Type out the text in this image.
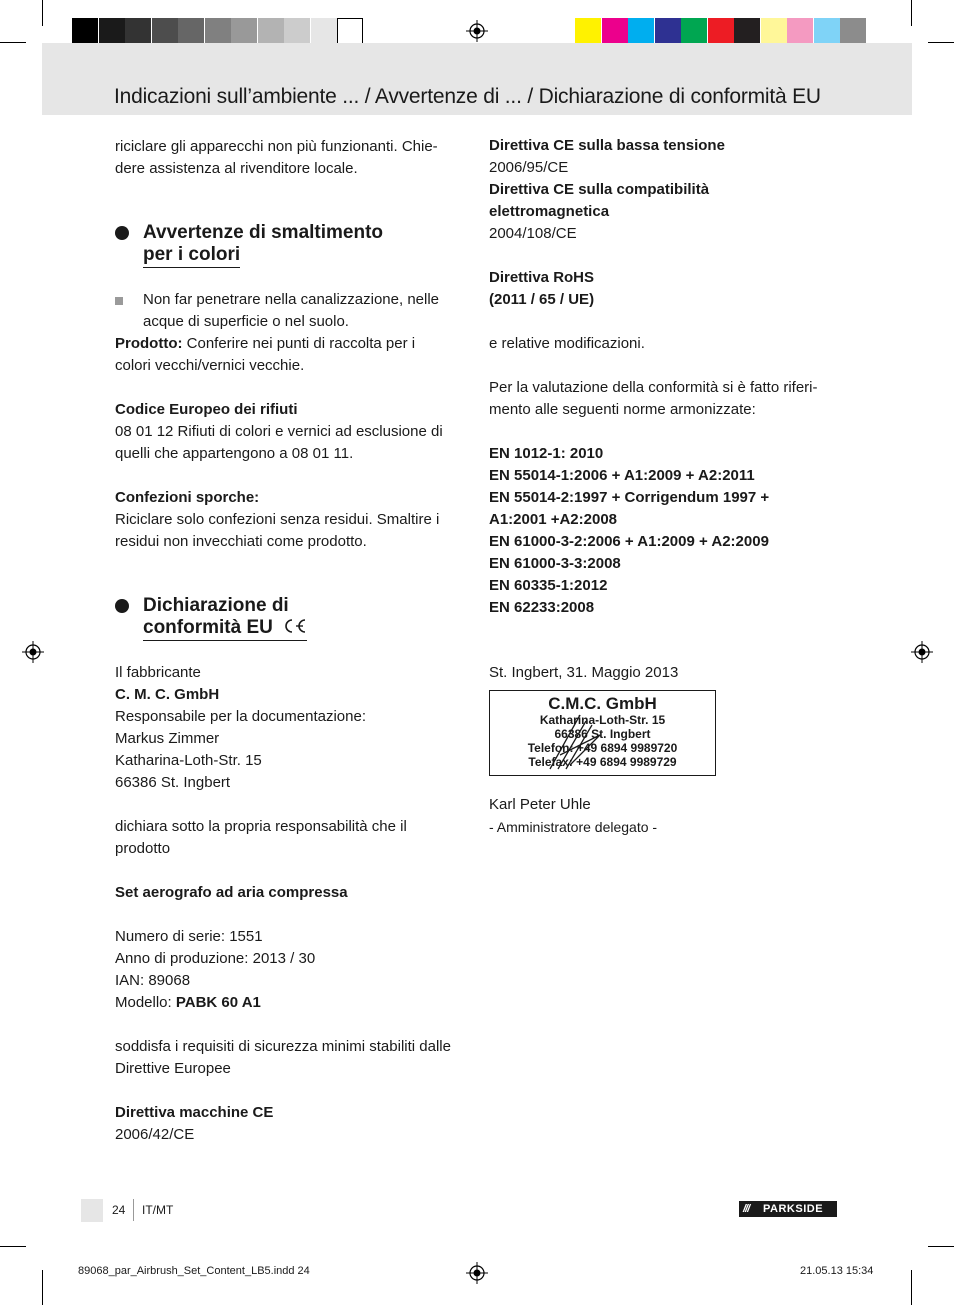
Indicazioni sull’ambiente ... / Avvertenze di ... / Dichiarazione di conformità EU

riciclare gli apparecchi non più funzionanti. Chie-

dere assistenza al rivenditore locale.

Avvertenze di smaltimento
per i colori

Non far penetrare nella canalizzazione, nelle

acque di superficie o nel suolo.

Prodotto: Conferire nei punti di raccolta per i

colori vecchi/vernici vecchie.

Codice Europeo dei rifiuti

08 01 12 Rifiuti di colori e vernici ad esclusione di

quelli che appartengono a 08 01 11.

Confezioni sporche:

Riciclare solo confezioni senza residui. Smaltire i

residui non invecchiati come prodotto.

Dichiarazione di
conformità EU

Il fabbricante

C. M. C. GmbH

Responsabile per la documentazione:

Markus Zimmer

Katharina-Loth-Str. 15

66386 St. Ingbert

dichiara sotto la propria responsabilità che il

prodotto

Set aerografo ad aria compressa

Numero di serie: 1551

Anno di produzione: 2013 / 30

IAN: 89068

Modello: PABK 60 A1

soddisfa i requisiti di sicurezza minimi stabiliti dalle

Direttive Europee

Direttiva macchine CE

2006/42/CE

Direttiva CE sulla bassa tensione

2006/95/CE

Direttiva CE sulla compatibilità

elettromagnetica

2004/108/CE

Direttiva RoHS

(2011 / 65 / UE)

e relative modificazioni.

Per la valutazione della conformità si è fatto riferi-

mento alle seguenti norme armonizzate:

EN 1012-1: 2010

EN 55014-1:2006 + A1:2009 + A2:2011

EN 55014-2:1997 + Corrigendum 1997 +

A1:2001 +A2:2008

EN 61000-3-2:2006 + A1:2009 + A2:2009

EN 61000-3-3:2008

EN 60335-1:2012

EN 62233:2008

St. Ingbert, 31. Maggio 2013
C.M.C. GmbH
Katharina-Loth-Str. 15
66386 St. Ingbert
Telefon: +49 6894 9989720
Telefax: +49 6894 9989729

Karl Peter Uhle

- Amministratore delegato -

24 IT/MT	/// PARKSIDE
89068_par_Airbrush_Set_Content_LB5.indd 24	21.05.13 15:34
